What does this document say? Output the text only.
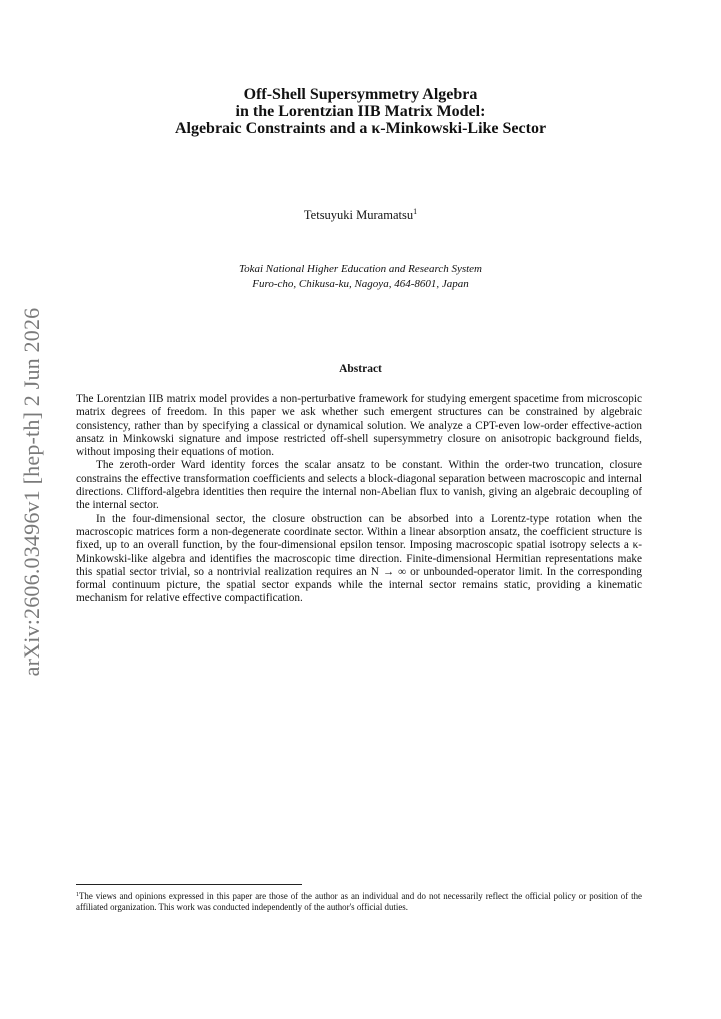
arXiv:2606.03496v1 [hep-th] 2 Jun 2026
Off-Shell Supersymmetry Algebra
in the Lorentzian IIB Matrix Model:
Algebraic Constraints and a κ-Minkowski-Like Sector
Tetsuyuki Muramatsu$^1$
Tokai National Higher Education and Research System
Furo-cho, Chikusa-ku, Nagoya, 464-8601, Japan
Abstract

The Lorentzian IIB matrix model provides a non-perturbative framework for studying emergent spacetime from microscopic matrix degrees of freedom. In this paper we ask whether such emergent structures can be constrained by algebraic consistency, rather than by specifying a classical or dynamical solution. We analyze a CPT-even low-order effective-action ansatz in Minkowski signature and impose restricted off-shell supersymmetry closure on anisotropic background fields, without imposing their equations of motion.

The zeroth-order Ward identity forces the scalar ansatz to be constant. Within the order-two truncation, closure constrains the effective transformation coefficients and selects a block-diagonal separation between macroscopic and internal directions. Clifford-algebra identities then require the internal non-Abelian flux to vanish, giving an algebraic decoupling of the internal sector.

In the four-dimensional sector, the closure obstruction can be absorbed into a Lorentz-type rotation when the macroscopic matrices form a non-degenerate coordinate sector. Within a linear absorption ansatz, the coefficient structure is fixed, up to an overall function, by the four-dimensional epsilon tensor. Imposing macroscopic spatial isotropy selects a κ-Minkowski-like algebra and identifies the macroscopic time direction. Finite-dimensional Hermitian representations make this spatial sector trivial, so a nontrivial realization requires an N → ∞ or unbounded-operator limit. In the corresponding formal continuum picture, the spatial sector expands while the internal sector remains static, providing a kinematic mechanism for relative effective compactification.

$^1$The views and opinions expressed in this paper are those of the author as an individual and do not necessarily reflect the official policy or position of the affiliated organization. This work was conducted independently of the author's official duties.
